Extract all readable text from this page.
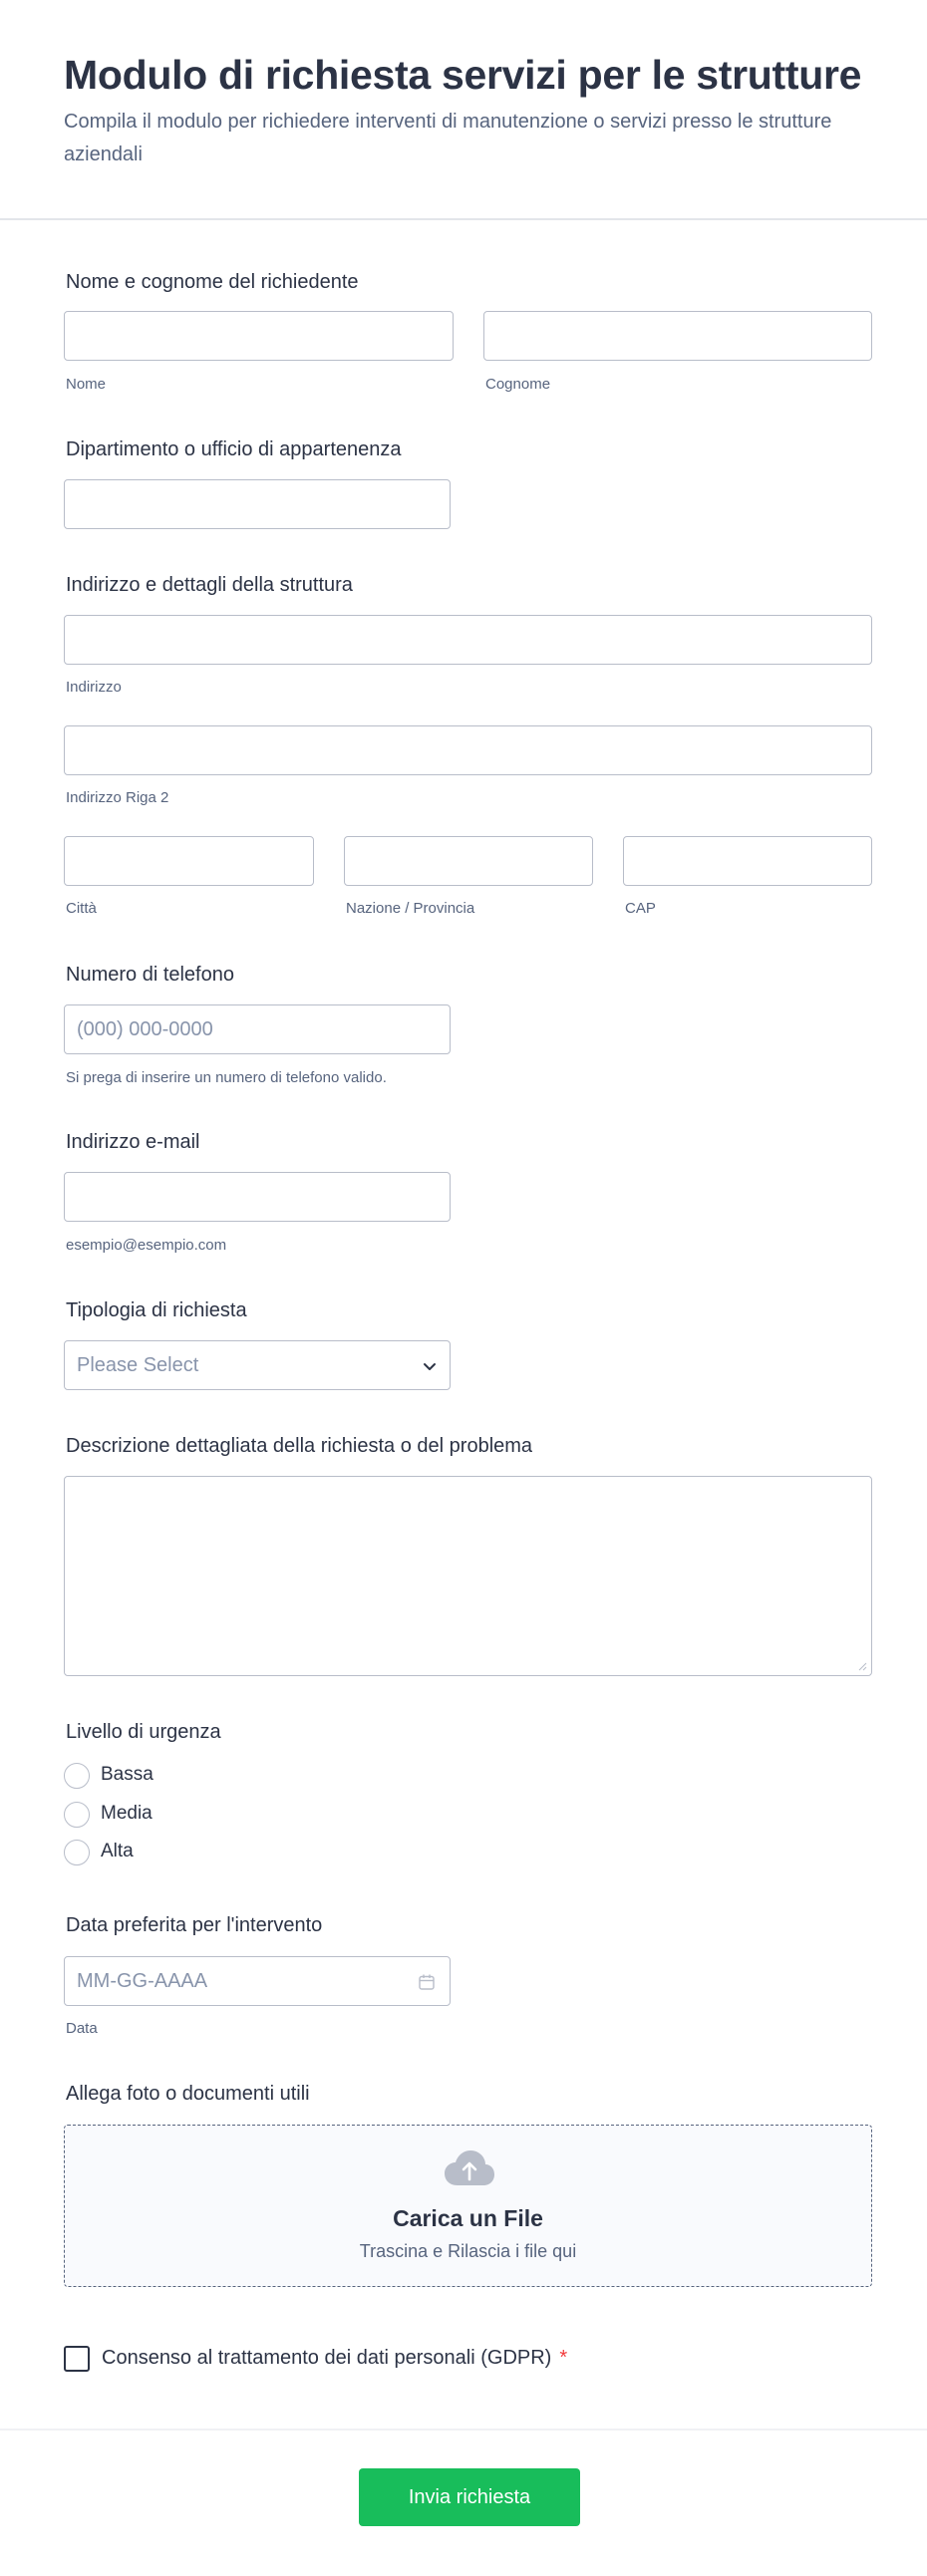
Modulo di richiesta servizi per le strutture

Compila il modulo per richiedere interventi di manutenzione o servizi presso le strutture aziendali

Nome e cognome del richiedente
Nome	Cognome
Dipartimento o ufficio di appartenenza
Indirizzo e dettagli della struttura
Indirizzo
Indirizzo Riga 2
Città	Nazione / Provincia	CAP
Numero di telefono
(000) 000-0000
Si prega di inserire un numero di telefono valido.
Indirizzo e-mail
esempio@esempio.com
Tipologia di richiesta
Please Select
Descrizione dettagliata della richiesta o del problema
Livello di urgenza
Bassa
Media
Alta
Data preferita per l'intervento
MM-GG-AAAA
Data
Allega foto o documenti utili
Carica un File
Trascina e Rilascia i file qui
Consenso al trattamento dei dati personali (GDPR) *
Invia richiesta
